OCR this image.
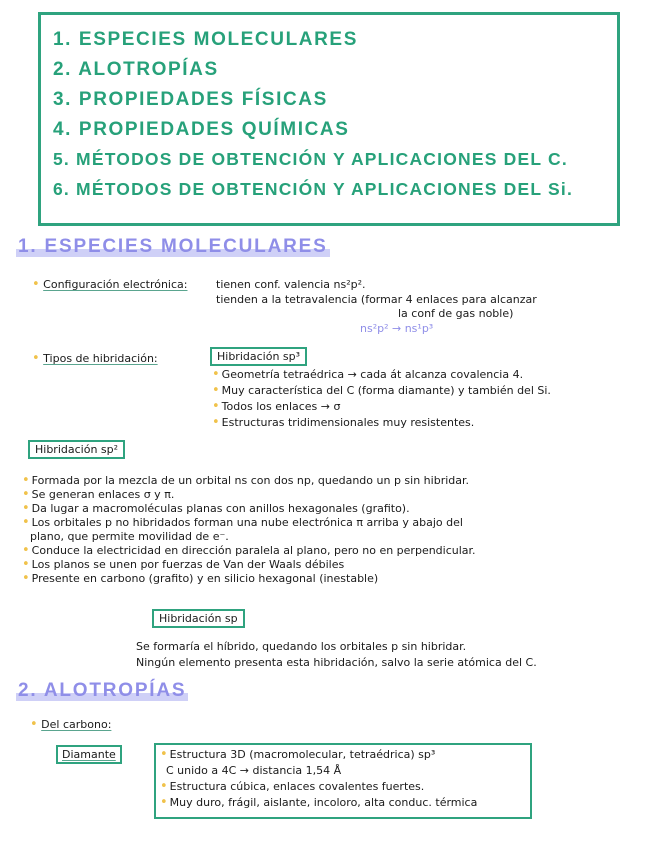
1. ESPECIES MOLECULARES
2. ALOTROPÍAS
3. PROPIEDADES FÍSICAS
4. PROPIEDADES QUÍMICAS
5. MÉTODOS DE OBTENCIÓN Y APLICACIONES DEL C.
6. MÉTODOS DE OBTENCIÓN Y APLICACIONES DEL Si.
1. ESPECIES MOLECULARES
• Configuración electrónica:	tienen conf. valencia ns²p².
tienden a la tetravalencia (formar 4 enlaces para alcanzar
la conf de gas noble)
ns²p² → ns¹p³
• Tipos de hibridación:	Hibridación sp³
• Geometría tetraédrica → cada át alcanza covalencia 4.
• Muy característica del C (forma diamante) y también del Si.
• Todos los enlaces → σ
• Estructuras tridimensionales muy resistentes.
Hibridación sp²
• Formada por la mezcla de un orbital ns con dos np, quedando un p sin hibridar.
• Se generan enlaces σ y π.
• Da lugar a macromoléculas planas con anillos hexagonales (grafito).
• Los orbitales p no hibridados forman una nube electrónica π arriba y abajo del
plano, que permite movilidad de e⁻.
• Conduce la electricidad en dirección paralela al plano, pero no en perpendicular.
• Los planos se unen por fuerzas de Van der Waals débiles
• Presente en carbono (grafito) y en silicio hexagonal (inestable)
Hibridación sp
Se formaría el híbrido, quedando los orbitales p sin hibridar.
Ningún elemento presenta esta hibridación, salvo la serie atómica del C.
2. ALOTROPÍAS
• Del carbono:
Diamante	• Estructura 3D (macromolecular, tetraédrica) sp³
C unido a 4C → distancia 1,54 Å
• Estructura cúbica, enlaces covalentes fuertes.
• Muy duro, frágil, aislante, incoloro, alta conduc. térmica
